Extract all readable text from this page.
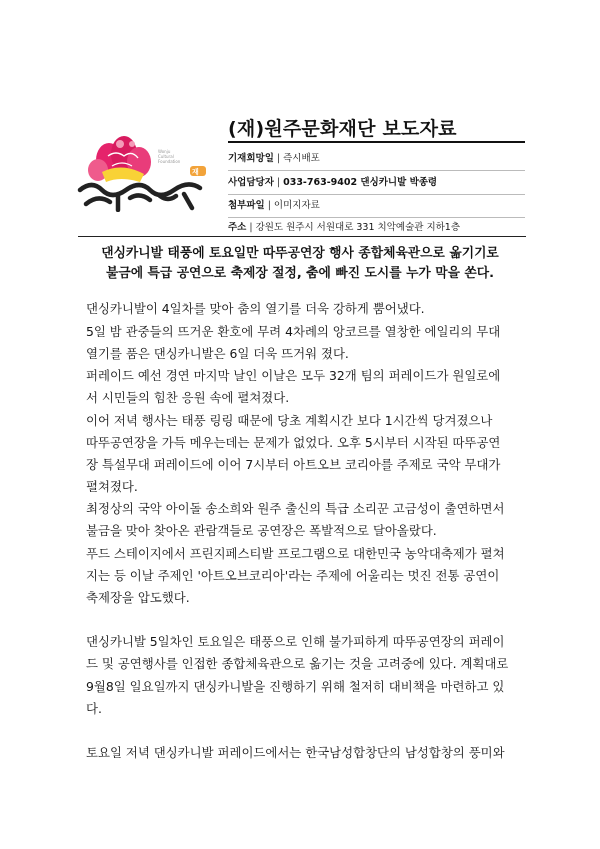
Wonju
Cultural
Foundation
재
(재)원주문화재단 보도자료
기재희망일 | 즉시배포
사업담당자 | 033-763-9402 댄싱카니발 박종령
첨부파일 | 이미지자료
주소 | 강원도 원주시 서원대로 331 치악예술관 지하1층
댄싱카니발 태풍에 토요일만 따뚜공연장 행사 종합체육관으로 옮기기로
불금에 특급 공연으로 축제장 절정, 춤에 빠진 도시를 누가 막을 쏜다.
댄싱카니발이 4일차를 맞아 춤의 열기를 더욱 강하게 뿜어냈다.
5일 밤 관중들의 뜨거운 환호에 무려 4차례의 앙코르를 열창한 에일리의 무대
열기를 품은 댄싱카니발은 6일 더욱 뜨거워 졌다.
퍼레이드 예선 경연 마지막 날인 이날은 모두 32개 팀의 퍼레이드가 원일로에
서 시민들의 힘찬 응원 속에 펼쳐졌다.
이어 저녁 행사는 태풍 링링 때문에 당초 계획시간 보다 1시간씩 당겨졌으나
따뚜공연장을 가득 메우는데는 문제가 없었다. 오후 5시부터 시작된 따뚜공연
장 특설무대 퍼레이드에 이어 7시부터 아트오브 코리아를 주제로 국악 무대가
펼쳐졌다.
최정상의 국악 아이돌 송소희와 원주 출신의 특급 소리꾼 고금성이 출연하면서
불금을 맞아 찾아온 관람객들로 공연장은 폭발적으로 달아올랐다.
푸드 스테이지에서 프린지페스티발 프로그램으로 대한민국 농악대축제가 펼쳐
지는 등 이날 주제인 '아트오브코리아'라는 주제에 어울리는 멋진 전통 공연이
축제장을 압도했다.
댄싱카니발 5일차인 토요일은 태풍으로 인해 불가피하게 따뚜공연장의 퍼레이
드 및 공연행사를 인접한 종합체육관으로 옮기는 것을 고려중에 있다. 계획대로
9월8일 일요일까지 댄싱카니발을 진행하기 위해 철저히 대비책을 마련하고 있
다.
토요일 저녁 댄싱카니발 퍼레이드에서는 한국남성합창단의 남성합창의 풍미와
